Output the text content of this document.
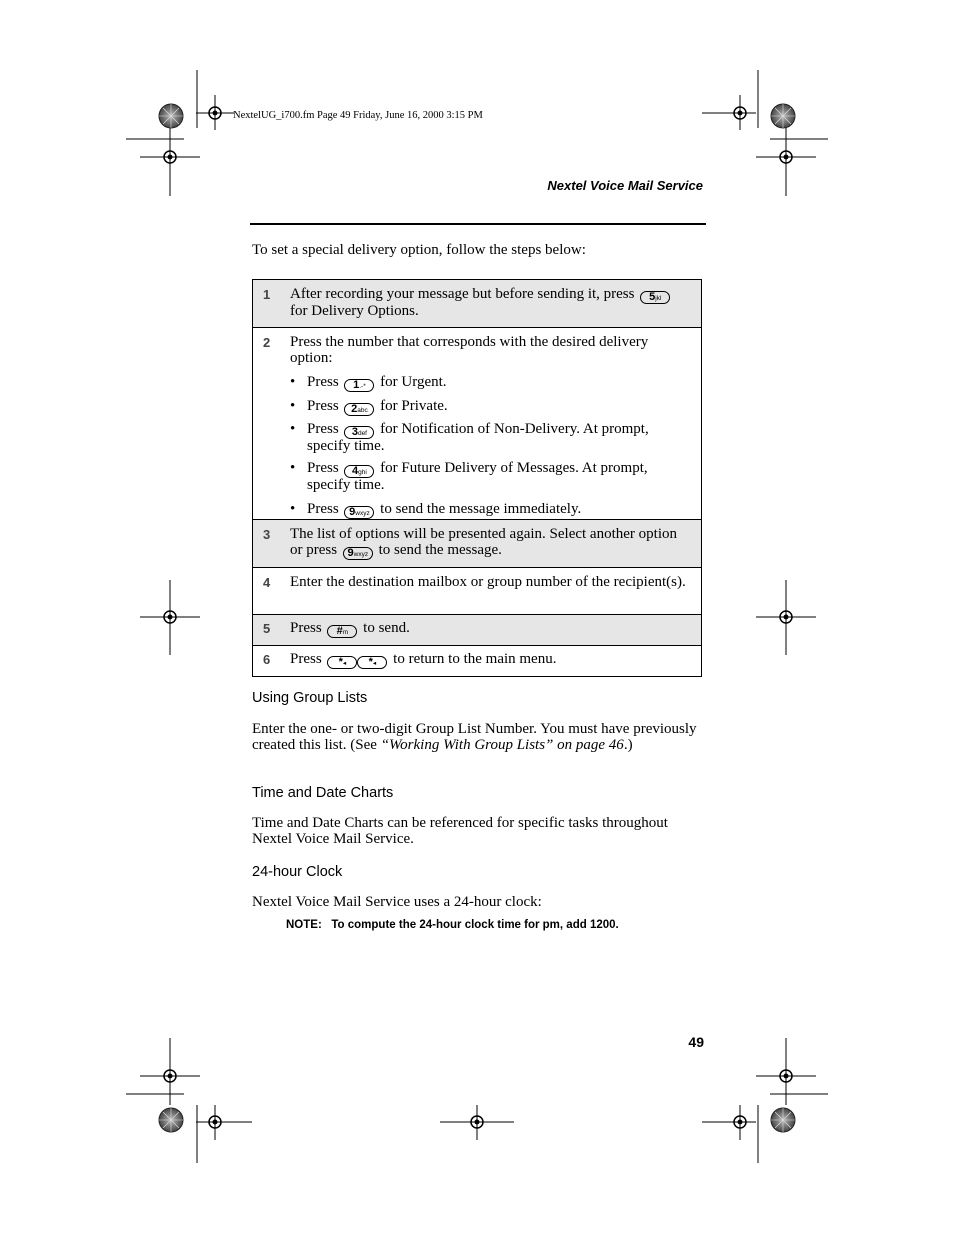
NextelUG_i700.fm Page 49 Friday, June 16, 2000 3:15 PM
Nextel Voice Mail Service
To set a special delivery option, follow the steps below:
1	After recording your message but before sending it, press 5jkl for Delivery Options.
2	Press the number that corresponds with the desired delivery option:
• Press 1.-* for Urgent.
• Press 2abc for Private.
• Press 3def for Notification of Non-Delivery. At prompt, specify time.
• Press 4ghi for Future Delivery of Messages. At prompt, specify time.
• Press 9wxyz to send the message immediately.
3	The list of options will be presented again. Select another option or press 9wxyz to send the message.
4	Enter the destination mailbox or group number of the recipient(s).
5	Press #m to send.
6	Press *◂ *◂ to return to the main menu.
Using Group Lists
Enter the one- or two-digit Group List Number. You must have previously created this list. (See “Working With Group Lists” on page 46.)
Time and Date Charts
Time and Date Charts can be referenced for specific tasks throughout Nextel Voice Mail Service.
24-hour Clock
Nextel Voice Mail Service uses a 24-hour clock:
NOTE: To compute the 24-hour clock time for pm, add 1200.
49
